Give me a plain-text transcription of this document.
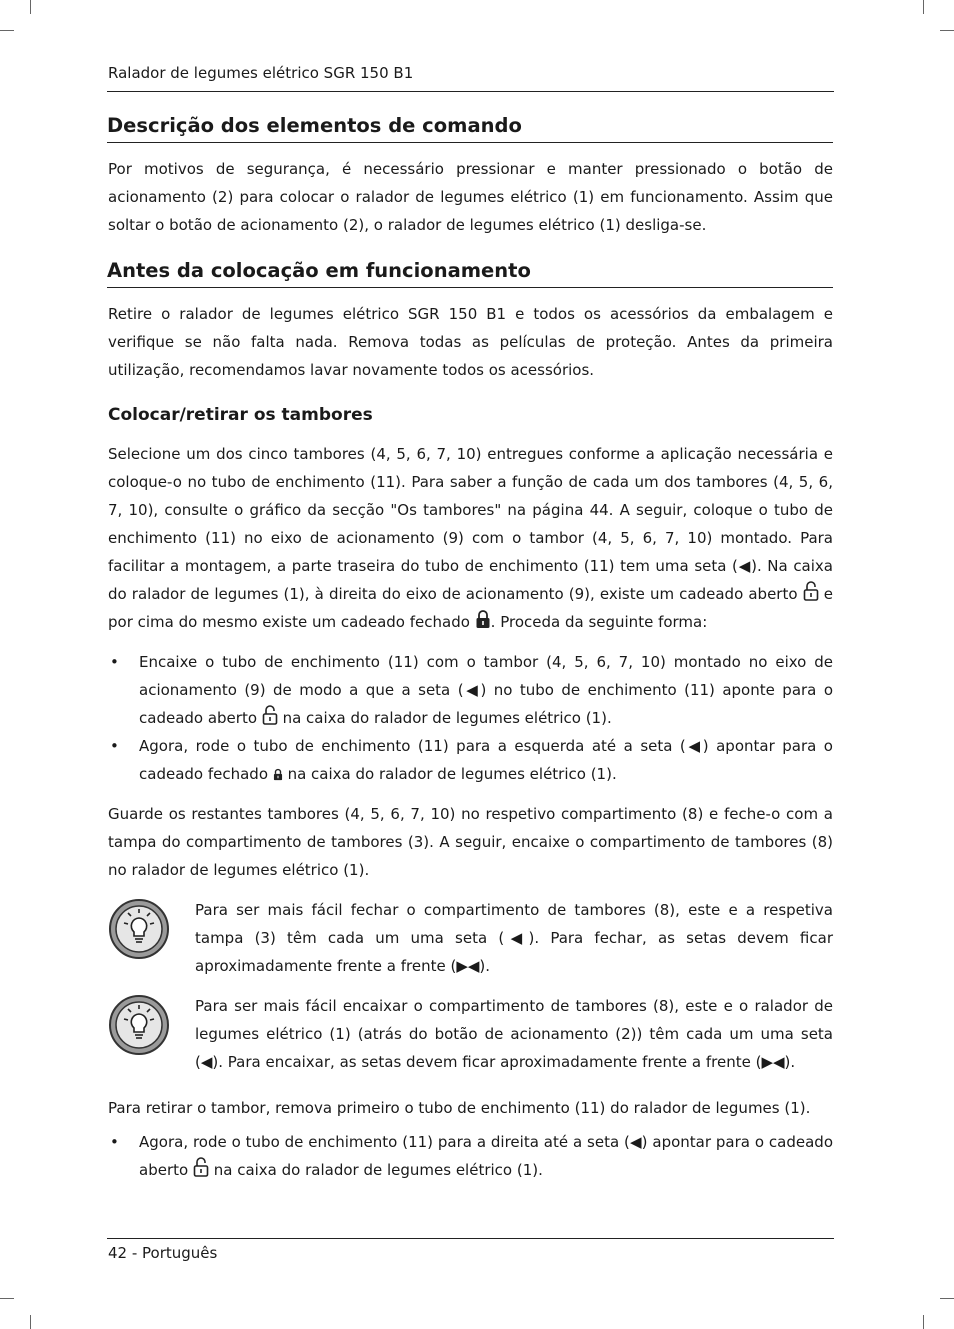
Ralador de legumes elétrico SGR 150 B1
Descrição dos elementos de comando

Por motivos de segurança, é necessário pressionar e manter pressionado o botão de acionamento (2) para colocar o ralador de legumes elétrico (1) em funcionamento. Assim que soltar o botão de acionamento (2), o ralador de legumes elétrico (1) desliga-se.

Antes da colocação em funcionamento

Retire o ralador de legumes elétrico SGR 150 B1 e todos os acessórios da embalagem e verifique se não falta nada. Remova todas as películas de proteção. Antes da primeira utilização, recomendamos lavar novamente todos os acessórios.

Colocar/retirar os tambores

Selecione um dos cinco tambores (4, 5, 6, 7, 10) entregues conforme a aplicação necessária e coloque-o no tubo de enchimento (11). Para saber a função de cada um dos tambores (4, 5, 6, 7, 10), consulte o gráfico da secção "Os tambores" na página 44. A seguir, coloque o tubo de enchimento (11) no eixo de acionamento (9) com o tambor (4, 5, 6, 7, 10) montado. Para facilitar a montagem, a parte traseira do tubo de enchimento (11) tem uma seta (◀). Na caixa do ralador de legumes (1), à direita do eixo de acionamento (9), existe um cadeado aberto e por cima do mesmo existe um cadeado fechado . Proceda da seguinte forma:

• Encaixe o tubo de enchimento (11) com o tambor (4, 5, 6, 7, 10) montado no eixo de acionamento (9) de modo a que a seta (◀) no tubo de enchimento (11) aponte para o cadeado aberto na caixa do ralador de legumes elétrico (1).
• Agora, rode o tubo de enchimento (11) para a esquerda até a seta (◀) apontar para o cadeado fechado na caixa do ralador de legumes elétrico (1).

Guarde os restantes tambores (4, 5, 6, 7, 10) no respetivo compartimento (8) e feche-o com a tampa do compartimento de tambores (3). A seguir, encaixe o compartimento de tambores (8) no ralador de legumes elétrico (1).

Para ser mais fácil fechar o compartimento de tambores (8), este e a respetiva tampa (3) têm cada um uma seta (◀). Para fechar, as setas devem ficar aproximadamente frente a frente (▶◀).

Para ser mais fácil encaixar o compartimento de tambores (8), este e o ralador de legumes elétrico (1) (atrás do botão de acionamento (2)) têm cada um uma seta (◀). Para encaixar, as setas devem ficar aproximadamente frente a frente (▶◀).

Para retirar o tambor, remova primeiro o tubo de enchimento (11) do ralador de legumes (1).

• Agora, rode o tubo de enchimento (11) para a direita até a seta (◀) apontar para o cadeado aberto na caixa do ralador de legumes elétrico (1).
42 - Português
